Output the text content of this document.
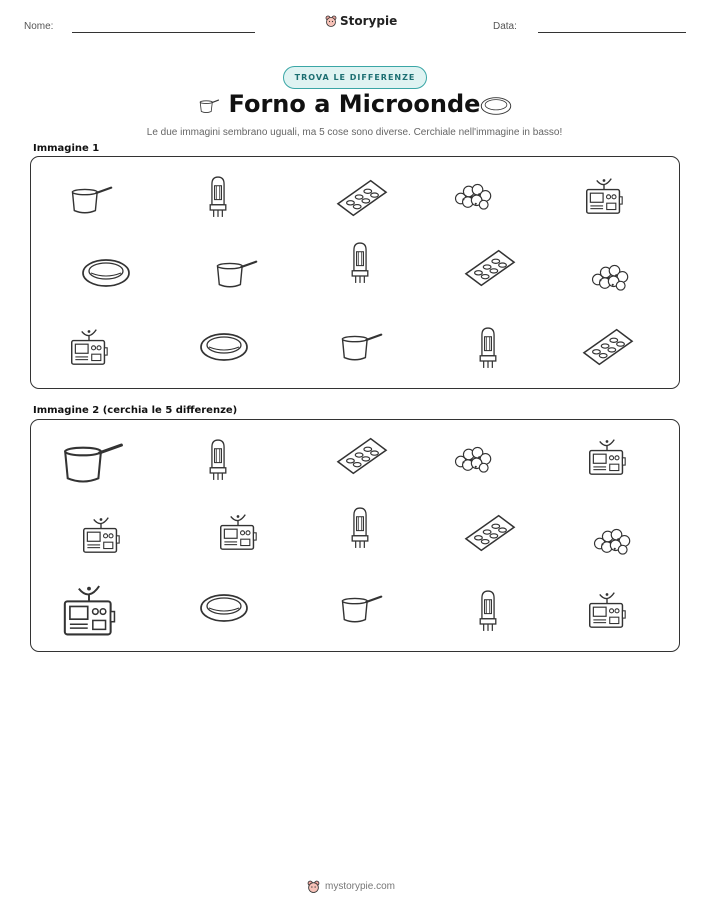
Nome:	Storypie	Data:
TROVA LE DIFFERENZE
Forno a Microonde
Le due immagini sembrano uguali, ma 5 cose sono diverse. Cerchiale nell'immagine in basso!
Immagine 1
Immagine 2 (cerchia le 5 differenze)
mystorypie.com
